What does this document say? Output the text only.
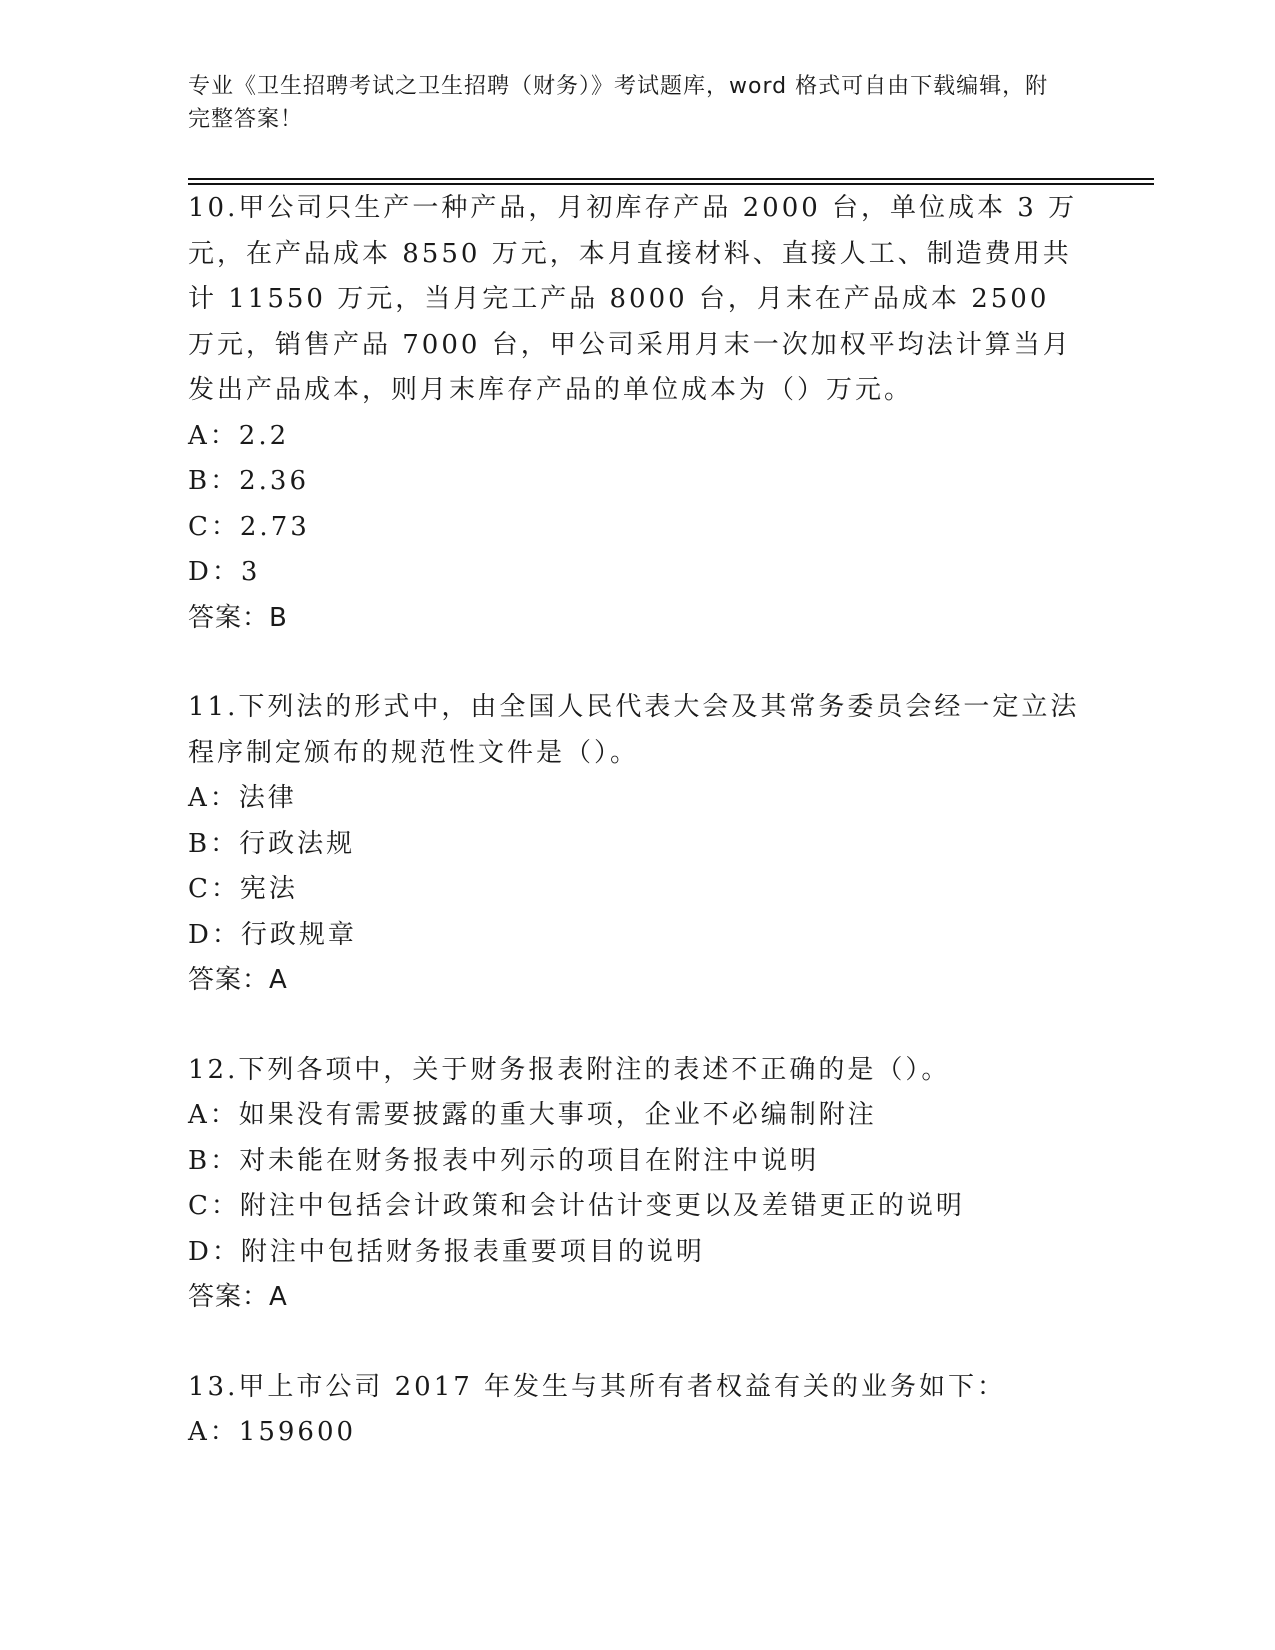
专业《卫生招聘考试之卫生招聘（财务）》考试题库，word 格式可自由下载编辑，附完整答案！

10.甲公司只生产一种产品，月初库存产品 2000 台，单位成本 3 万元，在产品成本 8550 万元，本月直接材料、直接人工、制造费用共计 11550 万元，当月完工产品 8000 台，月末在产品成本 2500 万元，销售产品 7000 台，甲公司采用月末一次加权平均法计算当月发出产品成本，则月末库存产品的单位成本为（）万元。

A：2.2

B：2.36

C：2.73

D：3

答案：B

11.下列法的形式中，由全国人民代表大会及其常务委员会经一定立法程序制定颁布的规范性文件是（）。

A：法律

B：行政法规

C：宪法

D：行政规章

答案：A

12.下列各项中，关于财务报表附注的表述不正确的是（）。

A：如果没有需要披露的重大事项，企业不必编制附注

B：对未能在财务报表中列示的项目在附注中说明

C：附注中包括会计政策和会计估计变更以及差错更正的说明

D：附注中包括财务报表重要项目的说明

答案：A

13.甲上市公司 2017 年发生与其所有者权益有关的业务如下：

A：159600
